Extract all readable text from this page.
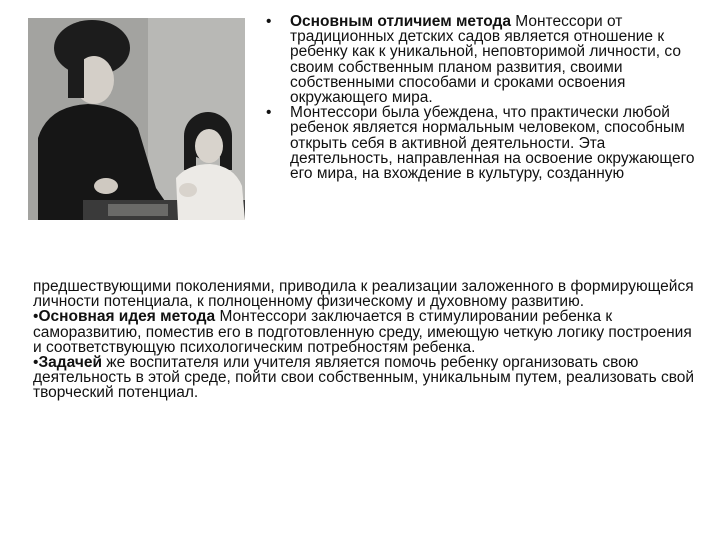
• Основным отличием метода Монтессори от традиционных детских садов является отношение к ребенку как к уникальной, неповторимой личности, со своим собственным планом развития, своими собственными способами и сроками освоения окружающего мира.
• Монтессори была убеждена, что практически любой ребенок является нормальным человеком, способным открыть себя в активной деятельности. Эта деятельность, направленная на освоение окружающего его мира, на вхождение в культуру, созданную

предшествующими поколениями, приводила к реализации заложенного в формирующейся личности потенциала, к полноценному физическому и духовному развитию.

•Основная идея метода Монтессори заключается в стимулировании ребенка к саморазвитию, поместив его в подготовленную среду, имеющую четкую логику построения и соответствующую психологическим потребностям ребенка.

•Задачей же воспитателя или учителя является помочь ребенку организовать свою деятельность в этой среде, пойти свои собственным, уникальным путем, реализовать свой творческий потенциал.
